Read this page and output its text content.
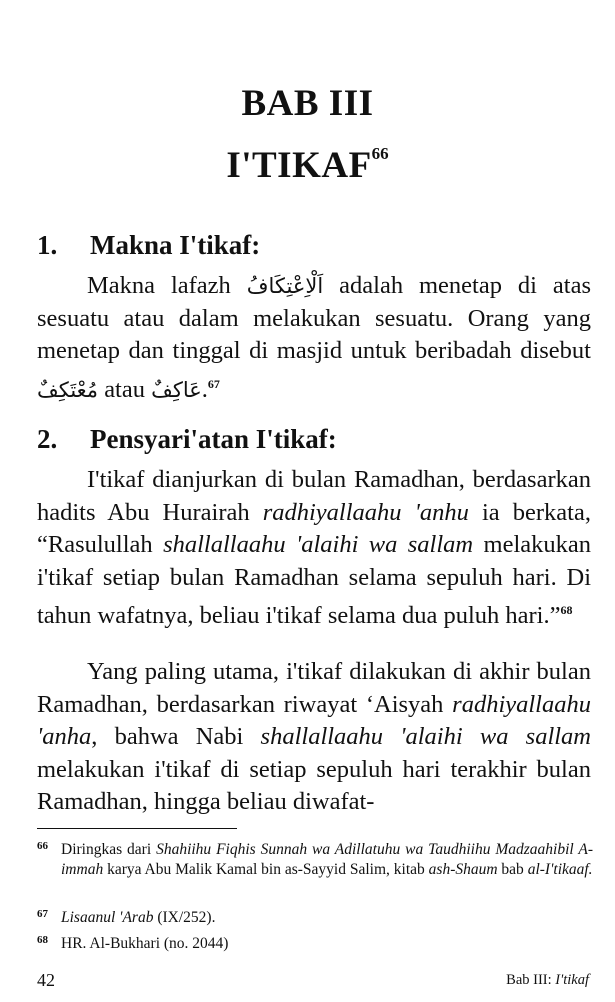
BAB III
I'TIKAF$^{66}$
1. Makna I'tikaf:

Makna lafazh اَلْاِعْتِكَافُ adalah menetap di atas sesuatu atau dalam melakukan sesuatu. Orang yang menetap dan tinggal di masjid untuk beribadah disebut مُعْتَكِفٌ atau عَاكِفٌ.$^{67}$

2. Pensyari'atan I'tikaf:

I'tikaf dianjurkan di bulan Ramadhan, berdasarkan hadits Abu Hurairah radhiyallaahu 'anhu ia berkata, “Rasulullah shallallaahu 'alaihi wa sallam melakukan i'tikaf setiap bulan Ramadhan selama sepuluh hari. Di tahun wafatnya, beliau i'tikaf selama dua puluh hari.”$^{68}$

Yang paling utama, i'tikaf dilakukan di akhir bulan Ramadhan, berdasarkan riwayat ‘Aisyah radhiyallaahu 'anha, bahwa Nabi shallallaahu 'alaihi wa sallam melakukan i'tikaf di setiap sepuluh hari terakhir bulan Ramadhan, hingga beliau diwafat-

66 Diringkas dari Shahiihu Fiqhis Sunnah wa Adillatuhu wa Taudhiihu Madzaahibil A-immah karya Abu Malik Kamal bin as-Sayyid Salim, kitab ash-Shaum bab al-I'tikaaf.
67 Lisaanul 'Arab (IX/252).
68 HR. Al-Bukhari (no. 2044)
42	Bab III: I'tikaf
